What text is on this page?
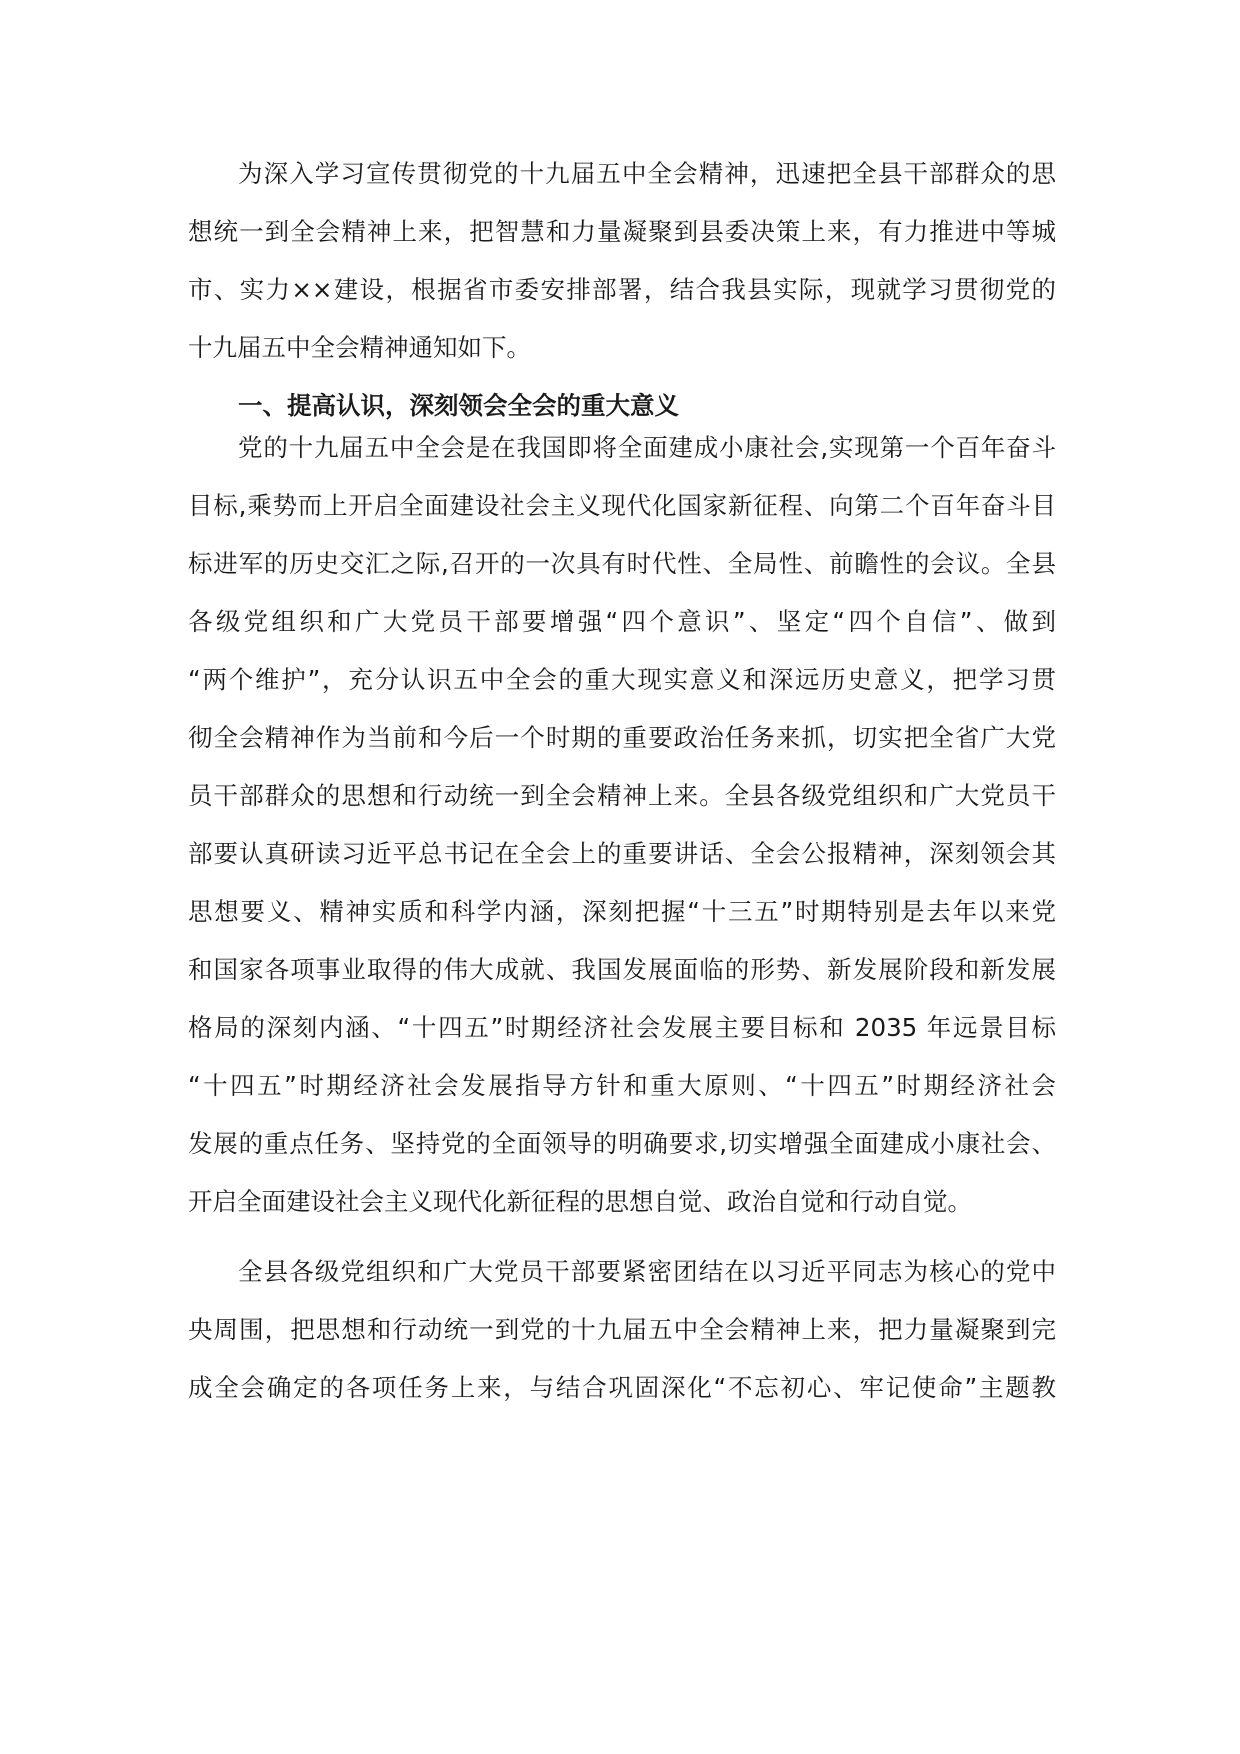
为深入学习宣传贯彻党的十九届五中全会精神，迅速把全县干部群众的思
想统一到全会精神上来，把智慧和力量凝聚到县委决策上来，有力推进中等城
市、实力××建设，根据省市委安排部署，结合我县实际，现就学习贯彻党的
十九届五中全会精神通知如下。
一、提高认识，深刻领会全会的重大意义
党的十九届五中全会是在我国即将全面建成小康社会,实现第一个百年奋斗
目标,乘势而上开启全面建设社会主义现代化国家新征程、向第二个百年奋斗目
标进军的历史交汇之际,召开的一次具有时代性、全局性、前瞻性的会议。全县
各级党组织和广大党员干部要增强“四个意识”、坚定“四个自信”、做到
“两个维护”，充分认识五中全会的重大现实意义和深远历史意义，把学习贯
彻全会精神作为当前和今后一个时期的重要政治任务来抓，切实把全省广大党
员干部群众的思想和行动统一到全会精神上来。全县各级党组织和广大党员干
部要认真研读习近平总书记在全会上的重要讲话、全会公报精神，深刻领会其
思想要义、精神实质和科学内涵，深刻把握“十三五”时期特别是去年以来党
和国家各项事业取得的伟大成就、我国发展面临的形势、新发展阶段和新发展
格局的深刻内涵、“十四五”时期经济社会发展主要目标和 2035 年远景目标
“十四五”时期经济社会发展指导方针和重大原则、“十四五”时期经济社会
发展的重点任务、坚持党的全面领导的明确要求,切实增强全面建成小康社会、
开启全面建设社会主义现代化新征程的思想自觉、政治自觉和行动自觉。
全县各级党组织和广大党员干部要紧密团结在以习近平同志为核心的党中
央周围，把思想和行动统一到党的十九届五中全会精神上来，把力量凝聚到完
成全会确定的各项任务上来，与结合巩固深化“不忘初心、牢记使命”主题教
